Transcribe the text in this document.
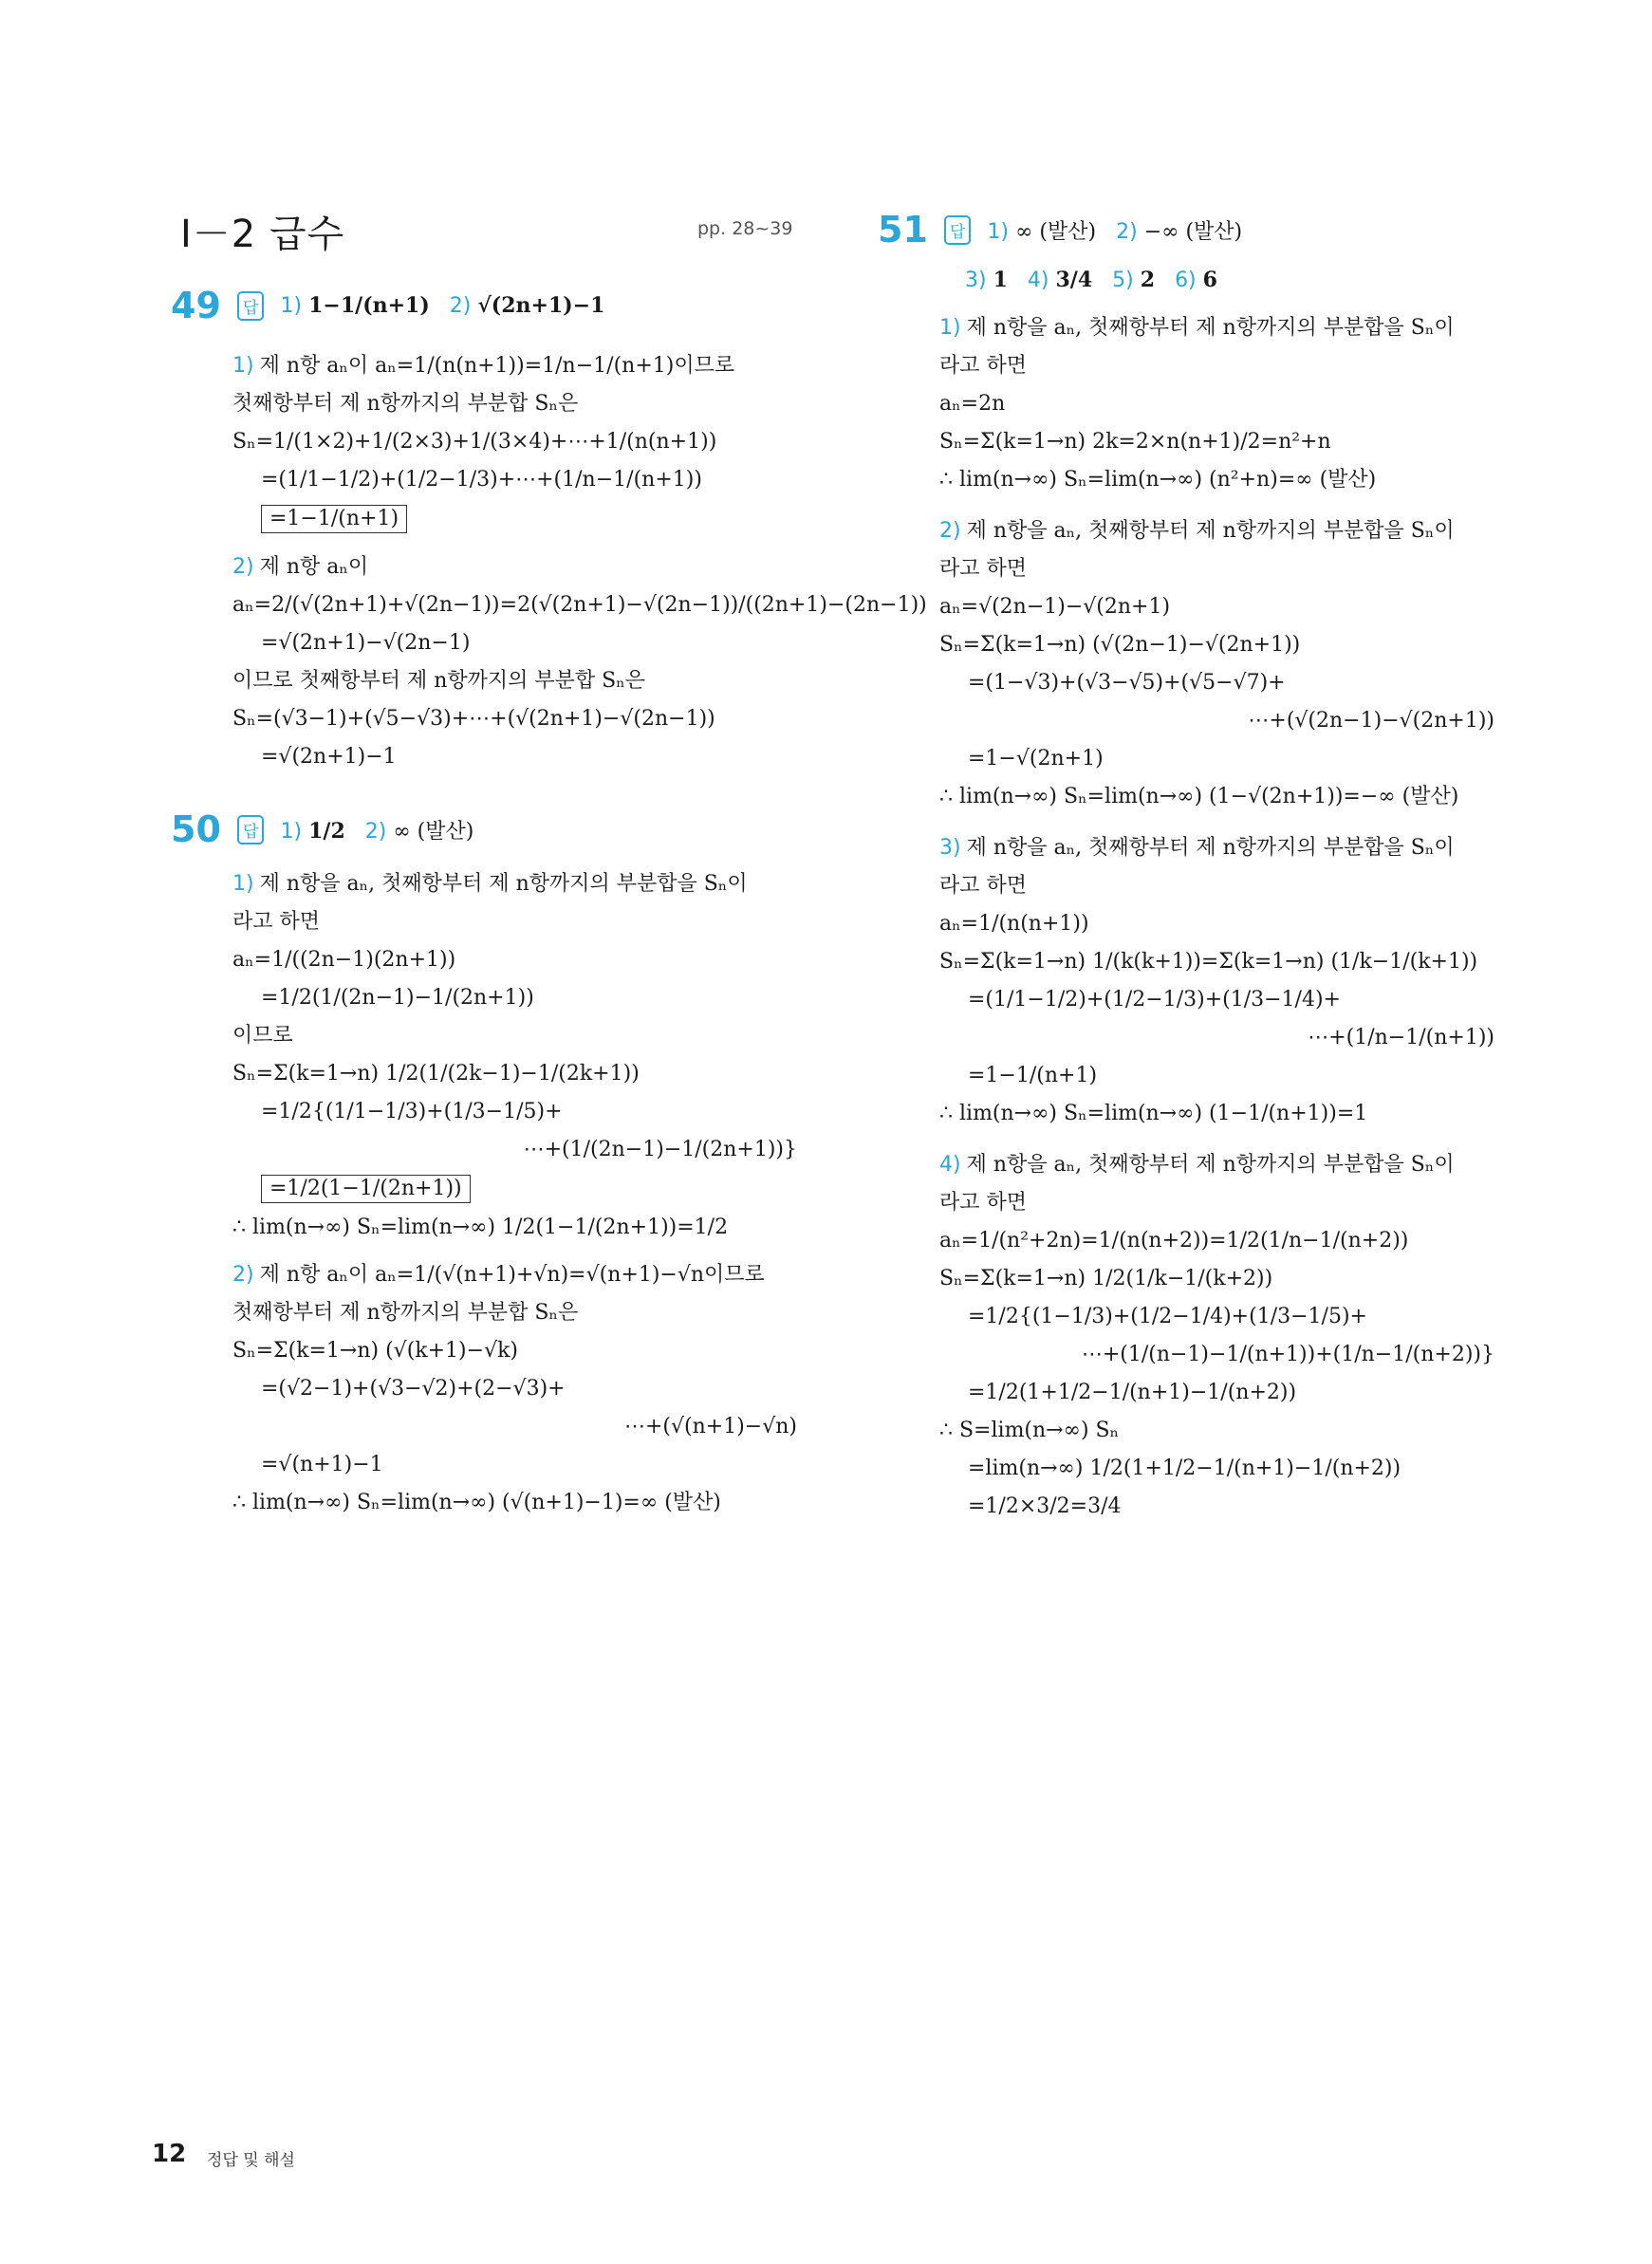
Ⅰ－2 급수	pp. 28~39
49 답 1) 1−1/(n+1) 2) √(2n+1)−1
1) 제 n항 aₙ이 aₙ=1/(n(n+1))=1/n−1/(n+1)이므로
첫째항부터 제 n항까지의 부분합 Sₙ은
Sₙ=1/(1×2)+1/(2×3)+1/(3×4)+⋯+1/(n(n+1))
=(1/1−1/2)+(1/2−1/3)+⋯+(1/n−1/(n+1))
=1−1/(n+1)
2) 제 n항 aₙ이
aₙ=2/(√(2n+1)+√(2n−1))=2(√(2n+1)−√(2n−1))/((2n+1)−(2n−1))
=√(2n+1)−√(2n−1)
이므로 첫째항부터 제 n항까지의 부분합 Sₙ은
Sₙ=(√3−1)+(√5−√3)+⋯+(√(2n+1)−√(2n−1))
=√(2n+1)−1
50 답 1) 1/2 2) ∞ (발산)
1) 제 n항을 aₙ, 첫째항부터 제 n항까지의 부분합을 Sₙ이
라고 하면
aₙ=1/((2n−1)(2n+1))
=1/2(1/(2n−1)−1/(2n+1))
이므로
Sₙ=Σ(k=1→n) 1/2(1/(2k−1)−1/(2k+1))
=1/2{(1/1−1/3)+(1/3−1/5)+
⋯+(1/(2n−1)−1/(2n+1))}
=1/2(1−1/(2n+1))
∴ lim(n→∞) Sₙ=lim(n→∞) 1/2(1−1/(2n+1))=1/2
2) 제 n항 aₙ이 aₙ=1/(√(n+1)+√n)=√(n+1)−√n이므로
첫째항부터 제 n항까지의 부분합 Sₙ은
Sₙ=Σ(k=1→n) (√(k+1)−√k)
=(√2−1)+(√3−√2)+(2−√3)+
⋯+(√(n+1)−√n)
=√(n+1)−1
∴ lim(n→∞) Sₙ=lim(n→∞) (√(n+1)−1)=∞ (발산)
51 답 1) ∞ (발산) 2) −∞ (발산)
3) 1 4) 3/4 5) 2 6) 6
1) 제 n항을 aₙ, 첫째항부터 제 n항까지의 부분합을 Sₙ이
라고 하면
aₙ=2n
Sₙ=Σ(k=1→n) 2k=2×n(n+1)/2=n²+n
∴ lim(n→∞) Sₙ=lim(n→∞) (n²+n)=∞ (발산)
2) 제 n항을 aₙ, 첫째항부터 제 n항까지의 부분합을 Sₙ이
라고 하면
aₙ=√(2n−1)−√(2n+1)
Sₙ=Σ(k=1→n) (√(2n−1)−√(2n+1))
=(1−√3)+(√3−√5)+(√5−√7)+
⋯+(√(2n−1)−√(2n+1))
=1−√(2n+1)
∴ lim(n→∞) Sₙ=lim(n→∞) (1−√(2n+1))=−∞ (발산)
3) 제 n항을 aₙ, 첫째항부터 제 n항까지의 부분합을 Sₙ이
라고 하면
aₙ=1/(n(n+1))
Sₙ=Σ(k=1→n) 1/(k(k+1))=Σ(k=1→n) (1/k−1/(k+1))
=(1/1−1/2)+(1/2−1/3)+(1/3−1/4)+
⋯+(1/n−1/(n+1))
=1−1/(n+1)
∴ lim(n→∞) Sₙ=lim(n→∞) (1−1/(n+1))=1
4) 제 n항을 aₙ, 첫째항부터 제 n항까지의 부분합을 Sₙ이
라고 하면
aₙ=1/(n²+2n)=1/(n(n+2))=1/2(1/n−1/(n+2))
Sₙ=Σ(k=1→n) 1/2(1/k−1/(k+2))
=1/2{(1−1/3)+(1/2−1/4)+(1/3−1/5)+
⋯+(1/(n−1)−1/(n+1))+(1/n−1/(n+2))}
=1/2(1+1/2−1/(n+1)−1/(n+2))
∴ S=lim(n→∞) Sₙ
=lim(n→∞) 1/2(1+1/2−1/(n+1)−1/(n+2))
=1/2×3/2=3/4
12 정답 및 해설
